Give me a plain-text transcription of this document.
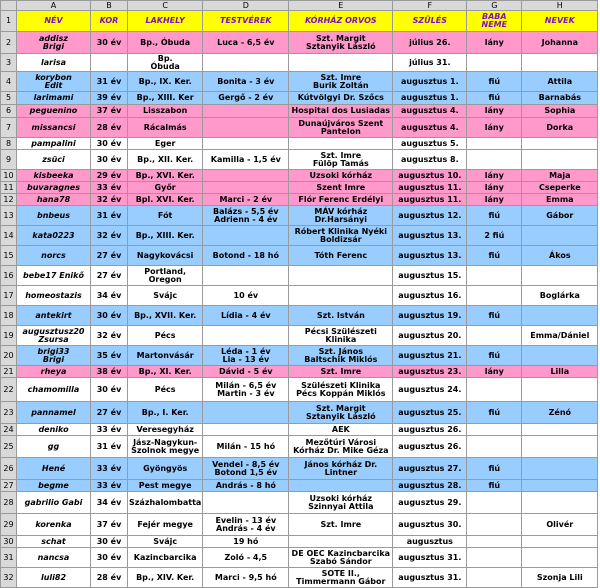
	A	B	C	D	E	F	G	H
1	NÉV	KOR	LAKHELY	TESTVÉREK	KÓRHÁZ ORVOS	SZÜLÉS	BABA NEME	NEVEK
2	addisz
Brigi	30 év	Bp., Óbuda	Luca - 6,5 év	Szt. Margit
Sztanyik László	július 26.	lány	Johanna
3	larisa		Bp.
Óbuda			július 31.		
4	korybon
Edit	31 év	Bp., IX. Ker.	Bonita - 3 év	Szt. Imre
Burik Zoltán	augusztus 1.	fiú	Attila
5	larimami	39 év	Bp., XIII. Ker	Gergő - 2 év	Kútvölgyi Dr. Szőcs	augusztus 1.	fiú	Barnabás
6	peguenino	37 év	Lisszabon		Hospital dos Lusiadas	augusztus 4.	lány	Sophia
7	missancsi	28 év	Rácalmás		Dunaújváros Szent
Pantelon	augusztus 4.	lány	Dorka
8	pampalini	30 év	Eger			augusztus 5.		
9	zsüci	30 év	Bp., XII. Ker.	Kamilla - 1,5 év	Szt. Imre
Fülöp Tamás	augusztus 8.		
10	kisbeeka	29 év	Bp., XVI. Ker.		Uzsoki kórház	augusztus 10.	lány	Maja
11	buvaragnes	33 év	Győr		Szent Imre	augusztus 11.	lány	Cseperke
12	hana78	32 év	Bpl. XVI. Ker.	Marci - 2 év	Flór Ferenc Erdélyi	augusztus 11.	lány	Emma
13	bnbeus	31 év	Fót	Balázs - 5,5 év
Adrienn - 4 év	MÁV kórház
Dr.Harsányi	augusztus 12.	fiú	Gábor
14	kata0223	32 év	Bp., XIII. Ker.		Róbert Klinika Nyéki
Boldizsár	augusztus 13.	2 fiú	
15	norcs	27 év	Nagykovácsi	Botond - 18 hó	Tóth Ferenc	augusztus 13.	fiú	Ákos
16	bebe17 Enikő	27 év	Portland,
Oregon			augusztus 15.		
17	homeostazis	34 év	Svájc	10 év		augusztus 16.		Boglárka
18	antekirt	30 év	Bp., XVII. Ker.	Lídia - 4 év	Szt. István	augusztus 19.	fiú	
19	augusztusz20
Zsursa	32 év	Pécs		Pécsi Szülészeti
Klinika	augusztus 20.		Emma/Dániel
20	brigi33
Brigi	35 év	Martonvásár	Léda - 1 év
Lia - 13 év	Szt. János
Baltschik Miklós	augusztus 21.	fiú	
21	rheya	38 év	Bp., XI. Ker.	Dávid - 5 év	Szt. Imre	augusztus 23.	lány	Lilla
22	chamomilla	30 év	Pécs	Milán - 6,5 év
Martin - 3 év	Szülészeti Klinika
Pécs Koppán Miklós	augusztus 24.		
23	pannamel	27 év	Bp., I. Ker.		Szt. Margit
Sztanyik László	augusztus 25.	fiú	Zénó
24	deniko	33 év	Veresegyház		AEK	augusztus 26.		
25	gg	31 év	Jász-Nagykun-
Szolnok megye	Milán - 15 hó	Mezőtúri Városi
Kórház Dr. Mike Géza	augusztus 26.		
26	Hené	33 év	Gyöngyös	Vendel - 8,5 év
Botond 1,5 év	János kórház Dr.
Lintner	augusztus 27.	fiú	
27	begme	33 év	Pest megye	András - 8 hó		augusztus 28.	fiú	
28	gabrilio Gabi	34 év	Százhalombatta		Uzsoki kórház
Szinnyai Attila	augusztus 29.		
29	korenka	37 év	Fejér megye	Evelin - 13 év
András - 4 év	Szt. Imre	augusztus 30.		Olivér
30	schat	30 év	Svájc	19 hó		augusztus		
31	nancsa	30 év	Kazincbarcika	Zoló - 4,5	DE OEC Kazincbarcika
Szabó Sándor	augusztus 31.		
32	luli82	28 év	Bp., XIV. Ker.	Marci - 9,5 hó	SOTE II.,
Timmermann Gábor	augusztus 31.		Szonja Lili
